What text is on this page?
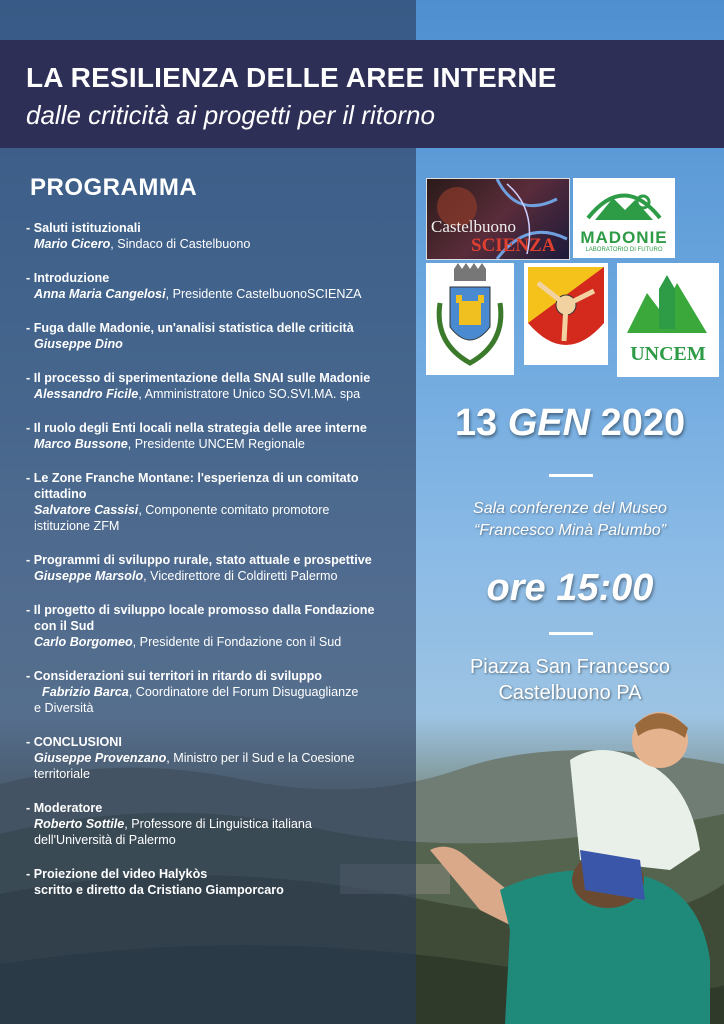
LA RESILIENZA DELLE AREE INTERNE
dalle criticità ai progetti per il ritorno
PROGRAMMA
- Saluti istituzionali
Mario Cicero, Sindaco di Castelbuono
- Introduzione
Anna Maria Cangelosi, Presidente CastelbuonoSCIENZA
- Fuga dalle Madonie, un'analisi statistica delle criticità
Giuseppe Dino
- Il processo di sperimentazione della SNAI sulle Madonie
Alessandro Ficile, Amministratore Unico SO.SVI.MA. spa
- Il ruolo degli Enti locali nella strategia delle aree interne
Marco Bussone, Presidente UNCEM Regionale
- Le Zone Franche Montane: l'esperienza di un comitato
cittadino
Salvatore Cassisi, Componente comitato promotore
istituzione ZFM
- Programmi di sviluppo rurale, stato attuale e prospettive
Giuseppe Marsolo, Vicedirettore di Coldiretti Palermo
- Il progetto di sviluppo locale promosso dalla Fondazione
con il Sud
Carlo Borgomeo, Presidente di Fondazione con il Sud
- Considerazioni sui territori in ritardo di sviluppo
Fabrizio Barca, Coordinatore del Forum Disuguaglianze
e Diversità
- CONCLUSIONI
Giuseppe Provenzano, Ministro per il Sud e la Coesione
territoriale
- Moderatore
Roberto Sottile, Professore di Linguistica italiana
dell'Università di Palermo
- Proiezione del video Halykòs
scritto e diretto da Cristiano Giamporcaro
Castelbuono
SCIENZA	MADONIE
LABORATORIO DI FUTURO
UNCEM
13 GEN 2020
Sala conferenze del Museo
“Francesco Minà Palumbo”
ore 15:00
Piazza San Francesco
Castelbuono PA
